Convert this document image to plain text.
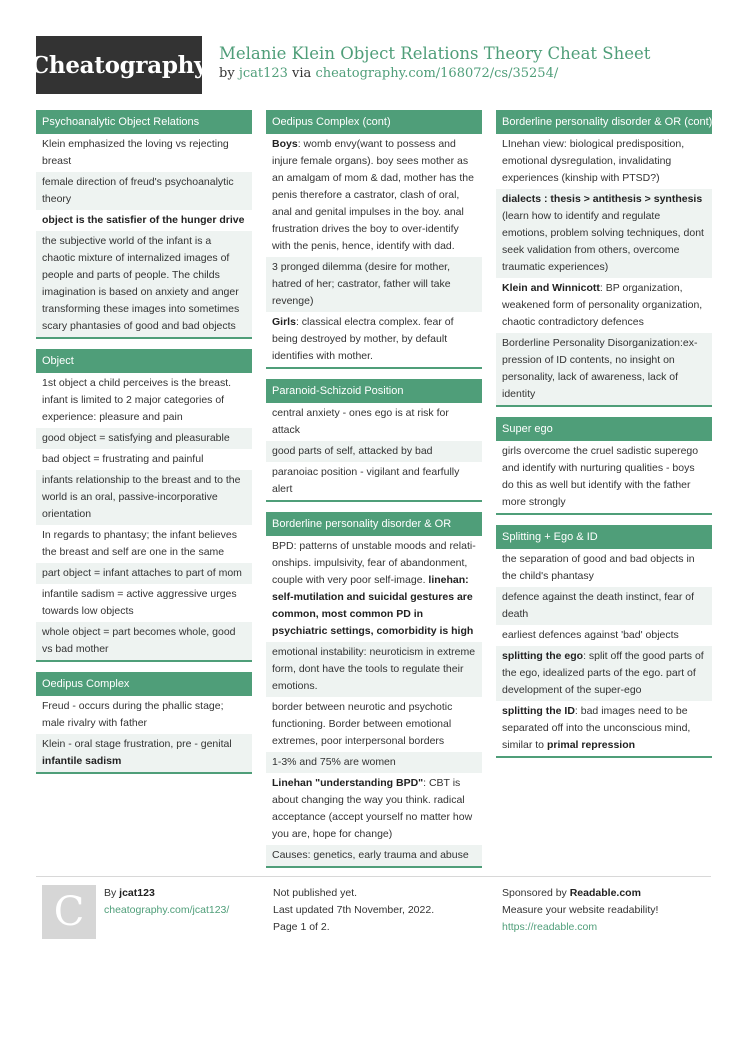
Cheatography Melanie Klein Object Relations Theory Cheat Sheet
by jcat123 via cheatography.com/168072/cs/35254/
Psychoanalytic Object Relations
Klein emphasized the loving vs rejecting breast
female direction of freud's psychoanalytic theory
object is the satisfier of the hunger drive
the subjective world of the infant is a chaotic mixture of internalized images of people and parts of people. The childs imagination is based on anxiety and anger transforming these images into sometimes scary phantasies of good and bad objects
Object
1st object a child perceives is the breast. infant is limited to 2 major categories of experience: pleasure and pain
good object = satisfying and pleasurable
bad object = frustrating and painful
infants relationship to the breast and to the world is an oral, passive-incorporative orientation
In regards to phantasy; the infant believes the breast and self are one in the same
part object = infant attaches to part of mom
infantile sadism = active aggressive urges towards low objects
whole object = part becomes whole, good vs bad mother
Oedipus Complex
Freud - occurs during the phallic stage; male rivalry with father
Klein - oral stage frustration, pre - genital infantile sadism
Oedipus Complex (cont)
Boys: womb envy(want to possess and injure female organs). boy sees mother as an amalgam of mom & dad, mother has the penis therefore a castrator, clash of oral, anal and genital impulses in the boy. anal frustration drives the boy to over-identify with the penis, hence, identify with dad.
3 pronged dilemma (desire for mother, hatred of her; castrator, father will take revenge)
Girls: classical electra complex. fear of being destroyed by mother, by default identifies with mother.
Paranoid-Schizoid Position
central anxiety - ones ego is at risk for attack
good parts of self, attacked by bad
paranoiac position - vigilant and fearfully alert
Borderline personality disorder & OR
BPD: patterns of unstable moods and relationships. impulsivity, fear of abandonment, couple with very poor self-image. linehan: self-mutilation and suicidal gestures are common, most common PD in psychiatric settings, comorbidity is high
emotional instability: neuroticism in extreme form, dont have the tools to regulate their emotions.
border between neurotic and psychotic functioning. Border between emotional extremes, poor interpersonal borders
1-3% and 75% are women
Linehan "understanding BPD": CBT is about changing the way you think. radical acceptance (accept yourself no matter how you are, hope for change)
Causes: genetics, early trauma and abuse
Borderline personality disorder & OR (cont)
LInehan view: biological predisposition, emotional dysregulation, invalidating experiences (kinship with PTSD?)
dialects : thesis > antithesis > synthesis (learn how to identify and regulate emotions, problem solving techniques, dont seek validation from others, overcome traumatic experiences)
Klein and Winnicott: BP organization, weakened form of personality organization, chaotic contradictory defences
Borderline Personality Disorganization:expression of ID contents, no insight on personality, lack of awareness, lack of identity
Super ego
girls overcome the cruel sadistic superego and identify with nurturing qualities - boys do this as well but identify with the father more strongly
Splitting + Ego & ID
the separation of good and bad objects in the child's phantasy
defence against the death instinct, fear of death
earliest defences against 'bad' objects
splitting the ego: split off the good parts of the ego, idealized parts of the ego. part of development of the super-ego
splitting the ID: bad images need to be separated off into the unconscious mind, similar to primal repression
C	By jcat123
cheatography.com/jcat123/
Not published yet.
Last updated 7th November, 2022.
Page 1 of 2.
Sponsored by Readable.com
Measure your website readability!
https://readable.com
